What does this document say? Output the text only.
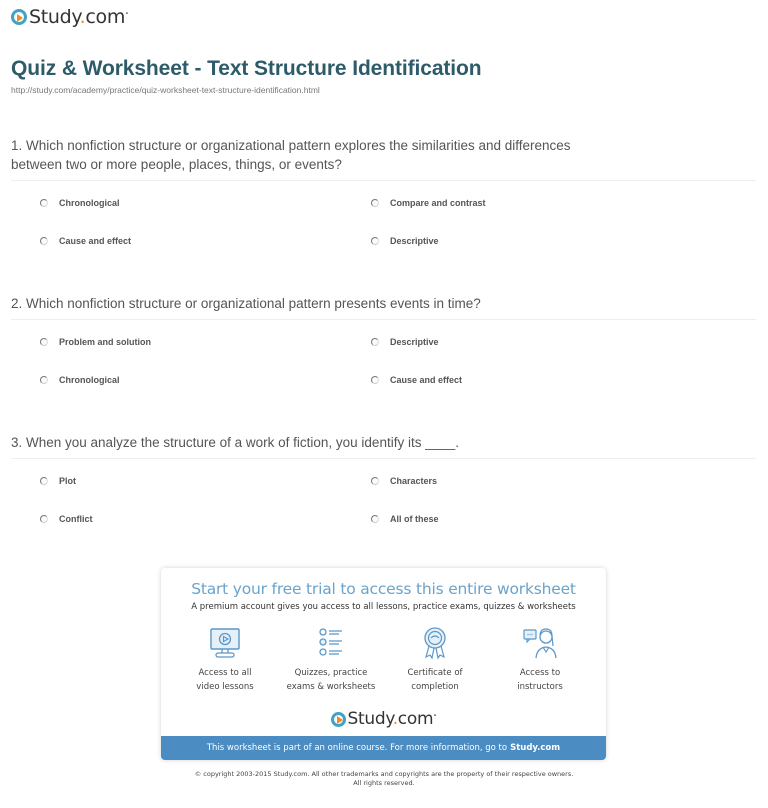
Study.com•
Quiz & Worksheet - Text Structure Identification
http://study.com/academy/practice/quiz-worksheet-text-structure-identification.html
1. Which nonfiction structure or organizational pattern explores the similarities and differences between two or more people, places, things, or events?
Chronological	Compare and contrast
Cause and effect	Descriptive
2. Which nonfiction structure or organizational pattern presents events in time?
Problem and solution	Descriptive
Chronological	Cause and effect
3. When you analyze the structure of a work of fiction, you identify its ____.
Plot	Characters
Conflict	All of these
Start your free trial to access this entire worksheet
A premium account gives you access to all lessons, practice exams, quizzes & worksheets
Access to all
video lessons
Quizzes, practice
exams & worksheets
Certificate of
completion
Access to
instructors
Study.com•
This worksheet is part of an online course. For more information, go to Study.com
© copyright 2003-2015 Study.com. All other trademarks and copyrights are the property of their respective owners.
All rights reserved.
